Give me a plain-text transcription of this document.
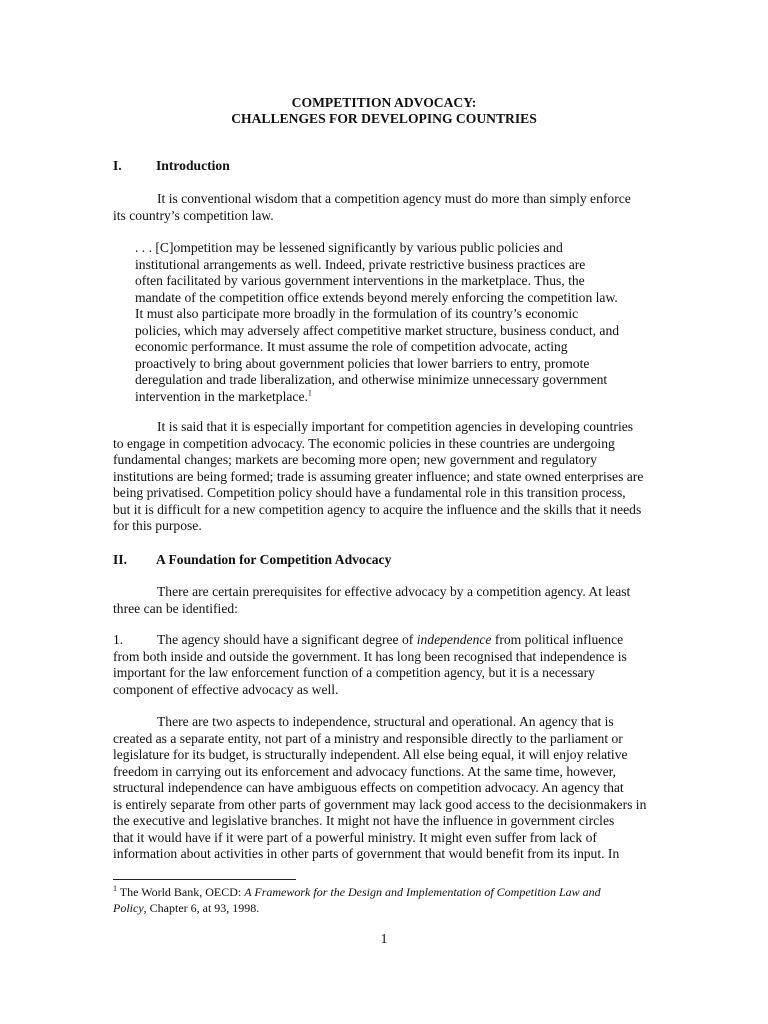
COMPETITION ADVOCACY:
CHALLENGES FOR DEVELOPING COUNTRIES
I.	Introduction
It is conventional wisdom that a competition agency must do more than simply enforce
its country’s competition law.
. . . [C]ompetition may be lessened significantly by various public policies and
institutional arrangements as well. Indeed, private restrictive business practices are
often facilitated by various government interventions in the marketplace. Thus, the
mandate of the competition office extends beyond merely enforcing the competition law.
It must also participate more broadly in the formulation of its country’s economic
policies, which may adversely affect competitive market structure, business conduct, and
economic performance. It must assume the role of competition advocate, acting
proactively to bring about government policies that lower barriers to entry, promote
deregulation and trade liberalization, and otherwise minimize unnecessary government
intervention in the marketplace.$^1$
It is said that it is especially important for competition agencies in developing countries
to engage in competition advocacy. The economic policies in these countries are undergoing
fundamental changes; markets are becoming more open; new government and regulatory
institutions are being formed; trade is assuming greater influence; and state owned enterprises are
being privatised. Competition policy should have a fundamental role in this transition process,
but it is difficult for a new competition agency to acquire the influence and the skills that it needs
for this purpose.
II. A Foundation for Competition Advocacy
There are certain prerequisites for effective advocacy by a competition agency. At least
three can be identified:
1. The agency should have a significant degree of independence from political influence
from both inside and outside the government. It has long been recognised that independence is
important for the law enforcement function of a competition agency, but it is a necessary
component of effective advocacy as well.
There are two aspects to independence, structural and operational. An agency that is
created as a separate entity, not part of a ministry and responsible directly to the parliament or
legislature for its budget, is structurally independent. All else being equal, it will enjoy relative
freedom in carrying out its enforcement and advocacy functions. At the same time, however,
structural independence can have ambiguous effects on competition advocacy. An agency that
is entirely separate from other parts of government may lack good access to the decisionmakers in
the executive and legislative branches. It might not have the influence in government circles
that it would have if it were part of a powerful ministry. It might even suffer from lack of
information about activities in other parts of government that would benefit from its input. In
$^1$ The World Bank, OECD: A Framework for the Design and Implementation of Competition Law and
Policy, Chapter 6, at 93, 1998.
1
